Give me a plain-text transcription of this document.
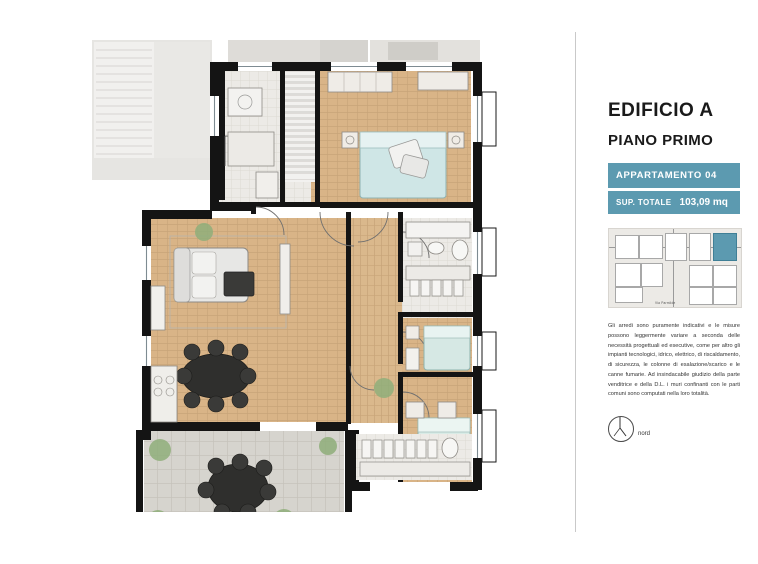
EDIFICIO A
PIANO PRIMO
APPARTAMENTO 04
SUP. TOTALE 103,09 mq
Via Parmilde
Gli arredi sono puramente indicativi e le misure possono leggermente variare a seconda delle necessità progettuali ed esecutive, come per altro gli impianti tecnologici, idrico, elettrico, di riscaldamento, di sicurezza, le colonne di esalazione/scarico e le canne fumarie. Ad insindacabile giudizio della parte venditrice e della D.L. i muri confinanti con le parti comuni sono computati nella loro totalità.
nord
